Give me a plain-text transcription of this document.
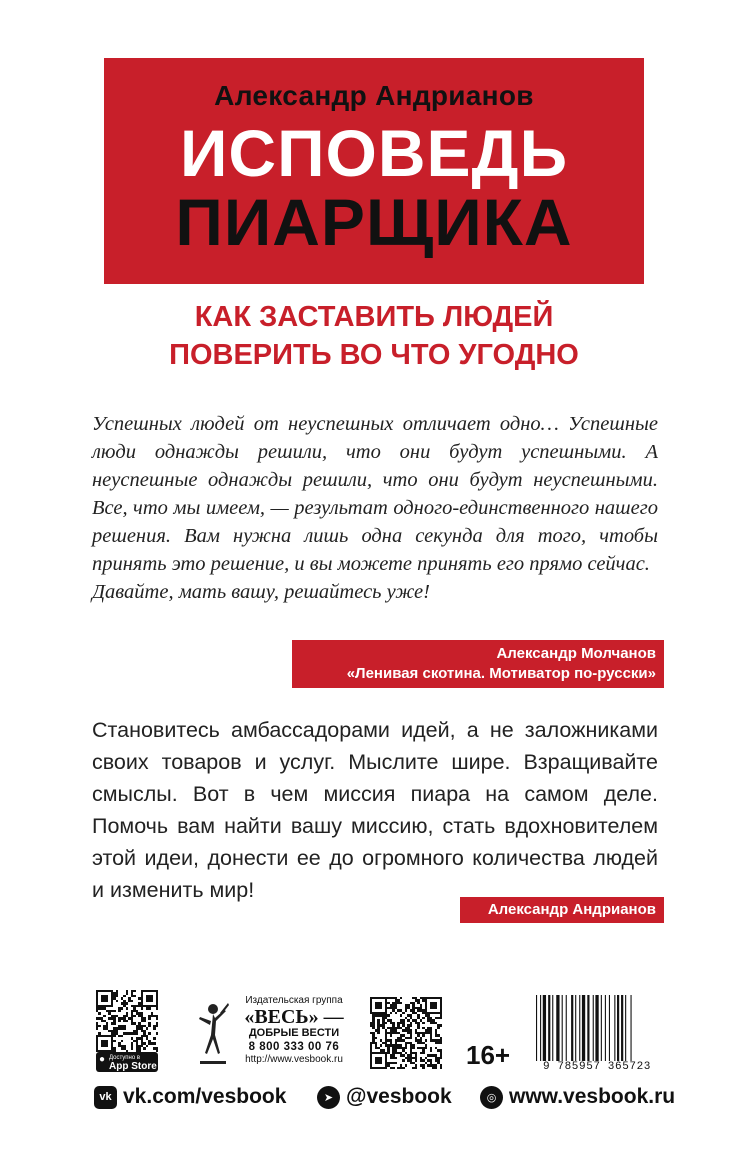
Александр Андрианов
ИСПОВЕДЬ
ПИАРЩИКА
КАК ЗАСТАВИТЬ ЛЮДЕЙ
ПОВЕРИТЬ ВО ЧТО УГОДНО

Успешных людей от неуспешных отличает одно… Успешные люди однажды решили, что они будут успешными. А неуспешные однажды решили, что они будут неуспешными. Все, что мы имеем, — результат одного-единственного нашего решения. Вам нужна лишь одна секунда для того, чтобы принять это решение, и вы можете принять его прямо сейчас.

Давайте, мать вашу, решайтесь уже!

Александр Молчанов
«Ленивая скотина. Мотиватор по-русски»

Становитесь амбассадорами идей, а не заложниками своих товаров и услуг. Мыслите шире. Взращивайте смыслы. Вот в чем миссия пиара на самом деле. Помочь вам найти вашу миссию, стать вдохновителем этой идеи, донести ее до огромного количества людей и изменить мир!

Александр Андрианов
● Доступно в
App Store
Издательская группа
«ВЕСЬ» —
ДОБРЫЕ ВЕСТИ
8 800 333 00 76
http://www.vesbook.ru	16+	9 785957 365723
vk vk.com/vesbook	➤ @vesbook	◎ www.vesbook.ru
